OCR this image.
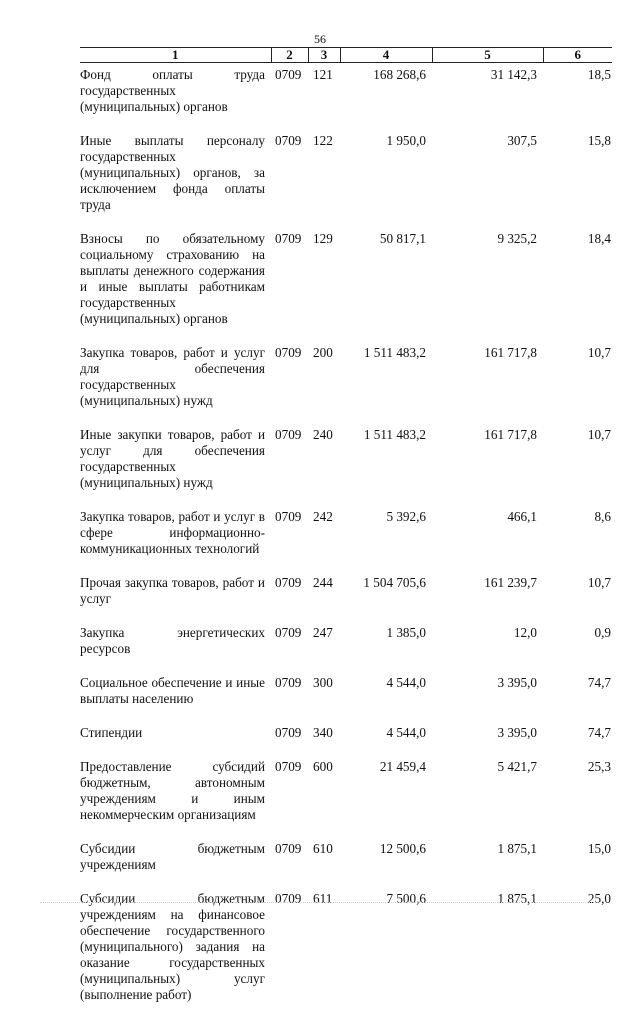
56
1	2	3	4	5	6
Фонд оплаты труда государственных (муниципальных) органов	0709	121	168 268,6	31 142,3	18,5
Иные выплаты персоналу государственных (муниципальных) органов, за исключением фонда оплаты труда	0709	122	1 950,0	307,5	15,8
Взносы по обязательному социальному страхованию на выплаты денежного содержания и иные выплаты работникам государственных (муниципальных) органов	0709	129	50 817,1	9 325,2	18,4
Закупка товаров, работ и услуг для обеспечения государственных (муниципальных) нужд	0709	200	1 511 483,2	161 717,8	10,7
Иные закупки товаров, работ и услуг для обеспечения государственных (муниципальных) нужд	0709	240	1 511 483,2	161 717,8	10,7
Закупка товаров, работ и услуг в сфере информационно-коммуникационных технологий	0709	242	5 392,6	466,1	8,6
Прочая закупка товаров, работ и услуг	0709	244	1 504 705,6	161 239,7	10,7
Закупка энергетических ресурсов	0709	247	1 385,0	12,0	0,9
Социальное обеспечение и иные выплаты населению	0709	300	4 544,0	3 395,0	74,7
Стипендии	0709	340	4 544,0	3 395,0	74,7
Предоставление субсидий бюджетным, автономным учреждениям и иным некоммерческим организациям	0709	600	21 459,4	5 421,7	25,3
Субсидии бюджетным учреждениям	0709	610	12 500,6	1 875,1	15,0
Субсидии бюджетным учреждениям на финансовое обеспечение государственного (муниципального) задания на оказание государственных (муниципальных) услуг (выполнение работ)	0709	611	7 500,6	1 875,1	25,0
